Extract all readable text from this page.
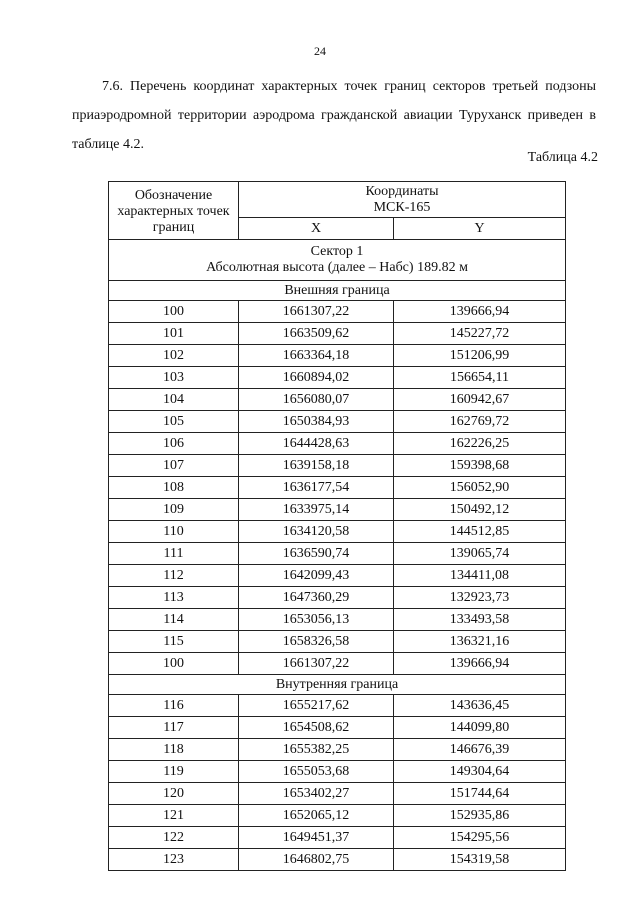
24
7.6. Перечень координат характерных точек границ секторов третьей подзоны
приаэродромной территории аэродрома гражданской авиации Туруханск приведен в
таблице 4.2.
Таблица 4.2
Обозначение характерных точек границ	Координаты
МСК-165	

	X	Y

Сектор 1
Абсолютная высота (далее – Набс) 189.82 м		

Внешняя граница		
100	1661307,22	139666,94
101	1663509,62	145227,72
102	1663364,18	151206,99
103	1660894,02	156654,11
104	1656080,07	160942,67
105	1650384,93	162769,72
106	1644428,63	162226,25
107	1639158,18	159398,68
108	1636177,54	156052,90
109	1633975,14	150492,12
110	1634120,58	144512,85
111	1636590,74	139065,74
112	1642099,43	134411,08
113	1647360,29	132923,73
114	1653056,13	133493,58
115	1658326,58	136321,16
100	1661307,22	139666,94
Внутренняя граница		
116	1655217,62	143636,45
117	1654508,62	144099,80
118	1655382,25	146676,39
119	1655053,68	149304,64
120	1653402,27	151744,64
121	1652065,12	152935,86
122	1649451,37	154295,56
123	1646802,75	154319,58
